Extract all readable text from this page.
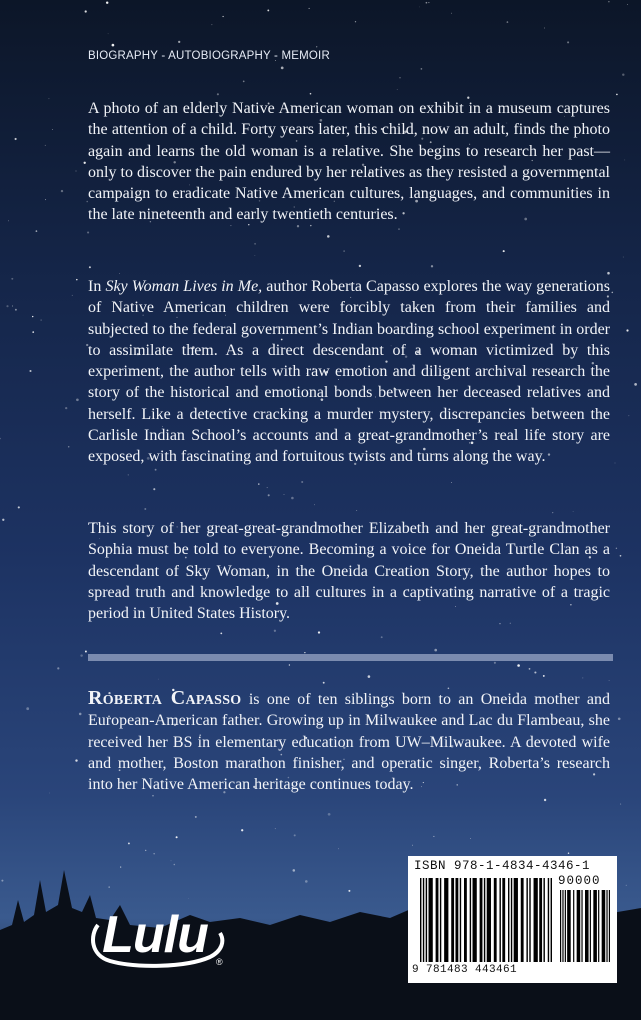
BIOGRAPHY - AUTOBIOGRAPHY - MEMOIR

A photo of an elderly Native American woman on exhibit in a museum captures the attention of a child. Forty years later, this child, now an adult, finds the photo again and learns the old woman is a relative. She begins to research her past—only to discover the pain endured by her relatives as they resisted a governmental campaign to eradicate Native American cultures, languages, and communities in the late nineteenth and early twentieth centuries.

In Sky Woman Lives in Me, author Roberta Capasso explores the way generations of Native American children were forcibly taken from their families and subjected to the federal government’s Indian boarding school experiment in order to assimilate them. As a direct descendant of a woman victimized by this experiment, the author tells with raw emotion and diligent archival research the story of the historical and emotional bonds between her deceased relatives and herself. Like a detective cracking a murder mystery, discrepancies between the Carlisle Indian School’s accounts and a great-grandmother’s real life story are exposed, with fascinating and fortuitous twists and turns along the way.

This story of her great-great-grandmother Elizabeth and her great-grandmother Sophia must be told to everyone. Becoming a voice for Oneida Turtle Clan as a descendant of Sky Woman, in the Oneida Creation Story, the author hopes to spread truth and knowledge to all cultures in a captivating narrative of a tragic period in United States History.

Roberta Capasso is one of ten siblings born to an Oneida mother and European-American father. Growing up in Milwaukee and Lac du Flambeau, she received her BS in elementary education from UW–Milwaukee. A devoted wife and mother, Boston marathon finisher, and operatic singer, Roberta’s research into her Native American heritage continues today.

Lulu ®
ISBN 978-1-4834-4346-1
90000
9 781483 443461
